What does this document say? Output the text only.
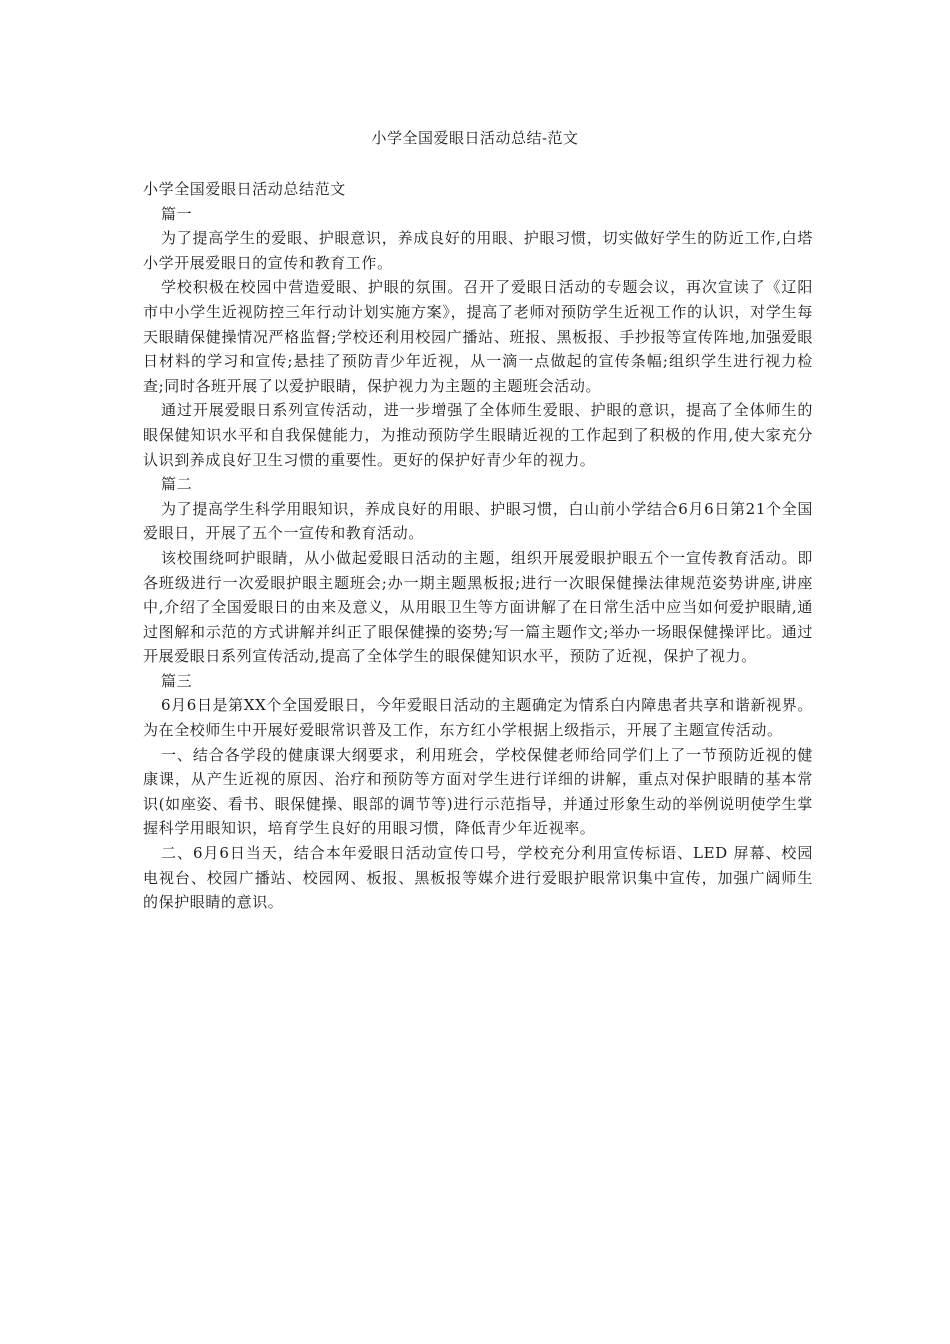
小学全国爱眼日活动总结-范文

小学全国爱眼日活动总结范文

篇一

为了提高学生的爱眼、护眼意识，养成良好的用眼、护眼习惯，切实做好学生的防近工作,白塔小学开展爱眼日的宣传和教育工作。

学校积极在校园中营造爱眼、护眼的氛围。召开了爱眼日活动的专题会议，再次宣读了《辽阳市中小学生近视防控三年行动计划实施方案》，提高了老师对预防学生近视工作的认识，对学生每天眼睛保健操情况严格监督;学校还利用校园广播站、班报、黑板报、手抄报等宣传阵地,加强爱眼日材料的学习和宣传;悬挂了预防青少年近视，从一滴一点做起的宣传条幅;组织学生进行视力检查;同时各班开展了以爱护眼睛，保护视力为主题的主题班会活动。

通过开展爱眼日系列宣传活动，进一步增强了全体师生爱眼、护眼的意识，提高了全体师生的眼保健知识水平和自我保健能力，为推动预防学生眼睛近视的工作起到了积极的作用,使大家充分认识到养成良好卫生习惯的重要性。更好的保护好青少年的视力。

篇二

为了提高学生科学用眼知识，养成良好的用眼、护眼习惯，白山前小学结合6月6日第21个全国爱眼日，开展了五个一宣传和教育活动。

该校围绕呵护眼睛，从小做起爱眼日活动的主题，组织开展爱眼护眼五个一宣传教育活动。即各班级进行一次爱眼护眼主题班会;办一期主题黑板报;进行一次眼保健操法律规范姿势讲座,讲座中,介绍了全国爱眼日的由来及意义，从用眼卫生等方面讲解了在日常生活中应当如何爱护眼睛,通过图解和示范的方式讲解并纠正了眼保健操的姿势;写一篇主题作文;举办一场眼保健操评比。通过开展爱眼日系列宣传活动,提高了全体学生的眼保健知识水平，预防了近视，保护了视力。

篇三

6月6日是第XX个全国爱眼日，今年爱眼日活动的主题确定为情系白内障患者共享和谐新视界。为在全校师生中开展好爱眼常识普及工作，东方红小学根据上级指示，开展了主题宣传活动。

一、结合各学段的健康课大纲要求，利用班会，学校保健老师给同学们上了一节预防近视的健康课，从产生近视的原因、治疗和预防等方面对学生进行详细的讲解，重点对保护眼睛的基本常识(如座姿、看书、眼保健操、眼部的调节等)进行示范指导，并通过形象生动的举例说明使学生掌握科学用眼知识，培育学生良好的用眼习惯，降低青少年近视率。

二、6月6日当天，结合本年爱眼日活动宣传口号，学校充分利用宣传标语、LED 屏幕、校园电视台、校园广播站、校园网、板报、黑板报等媒介进行爱眼护眼常识集中宣传，加强广阔师生的保护眼睛的意识。
